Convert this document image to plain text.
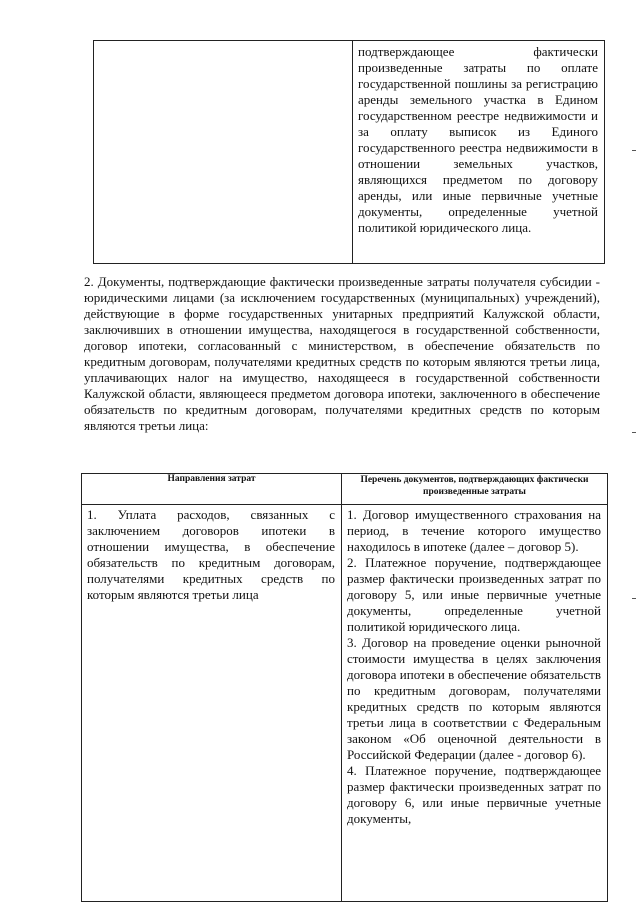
подтверждающее фактически произведенные затраты по оплате государственной пошлины за регистрацию аренды земельного участка в Едином государственном реестре недвижимости и за оплату выписок из Единого государственного реестра недвижимости в отношении земельных участков, являющихся предметом по договору аренды, или иные первичные учетные документы, определенные учетной политикой юридического лица.
2. Документы, подтверждающие фактически произведенные затраты получателя субсидии - юридическими лицами (за исключением государственных (муниципальных) учреждений), действующие в форме государственных унитарных предприятий Калужской области, заключивших в отношении имущества, находящегося в государственной собственности, договор ипотеки, согласованный с министерством, в обеспечение обязательств по кредитным договорам, получателями кредитных средств по которым являются третьи лица, уплачивающих налог на имущество, находящееся в государственной собственности Калужской области, являющееся предметом договора ипотеки, заключенного в обеспечение обязательств по кредитным договорам, получателями кредитных средств по которым являются третьи лица:
Направления затрат	Перечень документов, подтверждающих фактически произведенные затраты

1. Уплата расходов, связанных с заключением договоров ипотеки в отношении имущества, в обеспечение обязательств по кредитным договорам, получателями кредитных средств по которым являются третьи лица	1. Договор имущественного страхования на период, в течение которого имущество находилось в ипотеке (далее – договор 5).

2. Платежное поручение, подтверждающее размер фактически произведенных затрат по договору 5, или иные первичные учетные документы, определенные учетной политикой юридического лица.

3. Договор на проведение оценки рыночной стоимости имущества в целях заключения договора ипотеки в обеспечение обязательств по кредитным договорам, получателями кредитных средств по которым являются третьи лица в соответствии с Федеральным законом «Об оценочной деятельности в Российской Федерации (далее - договор 6).

4. Платежное поручение, подтверждающее размер фактически произведенных затрат по договору 6, или иные первичные учетные документы,
